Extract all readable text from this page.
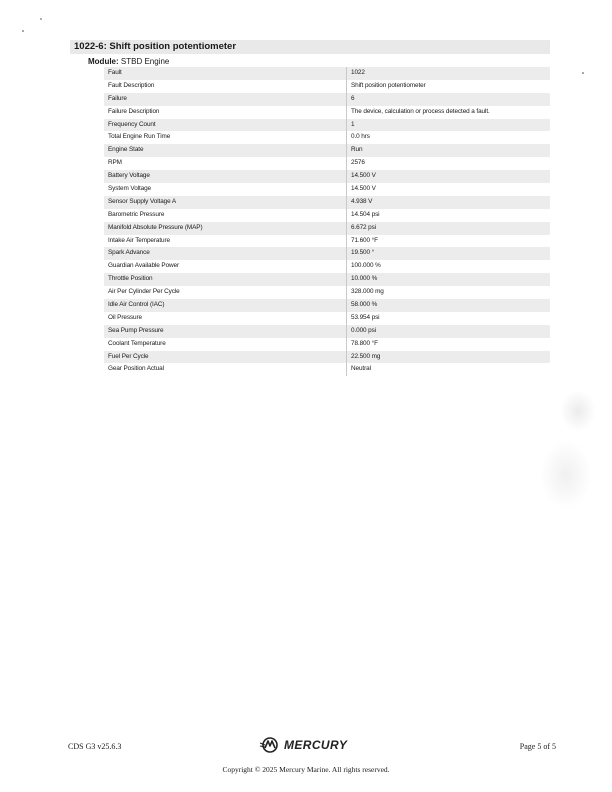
1022-6: Shift position potentiometer
Module: STBD Engine
Fault	1022
Fault Description	Shift position potentiometer
Failure	6
Failure Description	The device, calculation or process detected a fault.
Frequency Count	1
Total Engine Run Time	0.0 hrs
Engine State	Run
RPM	2576
Battery Voltage	14.500 V
System Voltage	14.500 V
Sensor Supply Voltage A	4.938 V
Barometric Pressure	14.504 psi
Manifold Absolute Pressure (MAP)	6.672 psi
Intake Air Temperature	71.600 °F
Spark Advance	19.500 °
Guardian Available Power	100.000 %
Throttle Position	10.000 %
Air Per Cylinder Per Cycle	328.000 mg
Idle Air Control (IAC)	58.000 %
Oil Pressure	53.954 psi
Sea Pump Pressure	0.000 psi
Coolant Temperature	78.800 °F
Fuel Per Cycle	22.500 mg
Gear Position Actual	Neutral
CDS G3 v25.6.3	MERCURY	Page 5 of 5
Copyright © 2025 Mercury Marine. All rights reserved.
